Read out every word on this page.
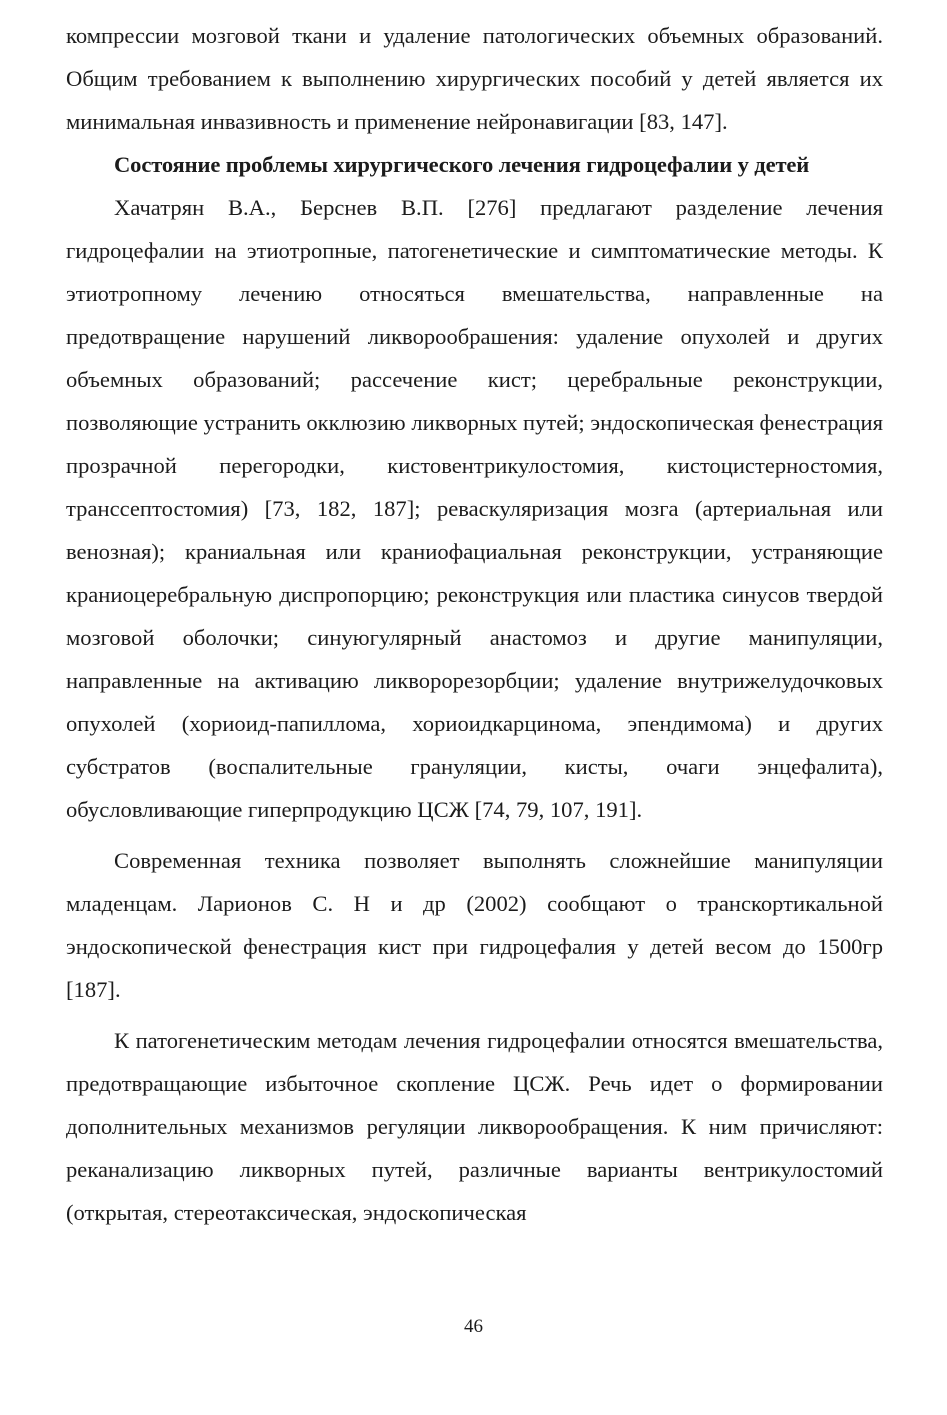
компрессии мозговой ткани и удаление патологических объемных образований. Общим требованием к выполнению хирургических пособий у детей является их минимальная инвазивность и применение нейронавигации [83, 147].

Состояние проблемы хирургического лечения гидроцефалии у детей

Хачатрян В.А., Берснев В.П. [276] предлагают разделение лечения гидроцефалии на этиотропные, патогенетические и симптоматические методы. К этиотропному лечению относяться вмешательства, направленные на предотвращение нарушений ликворообрашения: удаление опухолей и других объемных образований; рассечение кист; церебральные реконструкции, позволяющие устранить окклюзию ликворных путей; эндоскопическая фенестрация прозрачной перегородки, кистовентрикулостомия, кистоцистерностомия, транссептостомия) [73, 182, 187]; реваскуляризация мозга (артериальная или венозная); краниальная или краниофациальная реконструкции, устраняющие краниоцеребральную диспропорцию; реконструкция или пластика синусов твердой мозговой оболочки; синуюгулярный анастомоз и другие манипуляции, направленные на активацию ликворорезорбции; удаление внутрижелудочковых опухолей (хориоид-папиллома, хориоидкарцинома, эпендимома) и других субстратов (воспалительные грануляции, кисты, очаги энцефалита), обусловливающие гиперпродукцию ЦСЖ [74, 79, 107, 191].

Современная техника позволяет выполнять сложнейшие манипуляции младенцам. Ларионов С. Н и др (2002) сообщают о транскортикальной эндоскопической фенестрация кист при гидроцефалия у детей весом до 1500гр [187].

К патогенетическим методам лечения гидроцефалии относятся вмешательства, предотвращающие избыточное скопление ЦСЖ. Речь идет о формировании дополнительных механизмов регуляции ликворообращения. К ним причисляют: реканализацию ликворных путей, различные варианты вентрикулостомий (открытая, стереотаксическая, эндоскопическая

46
